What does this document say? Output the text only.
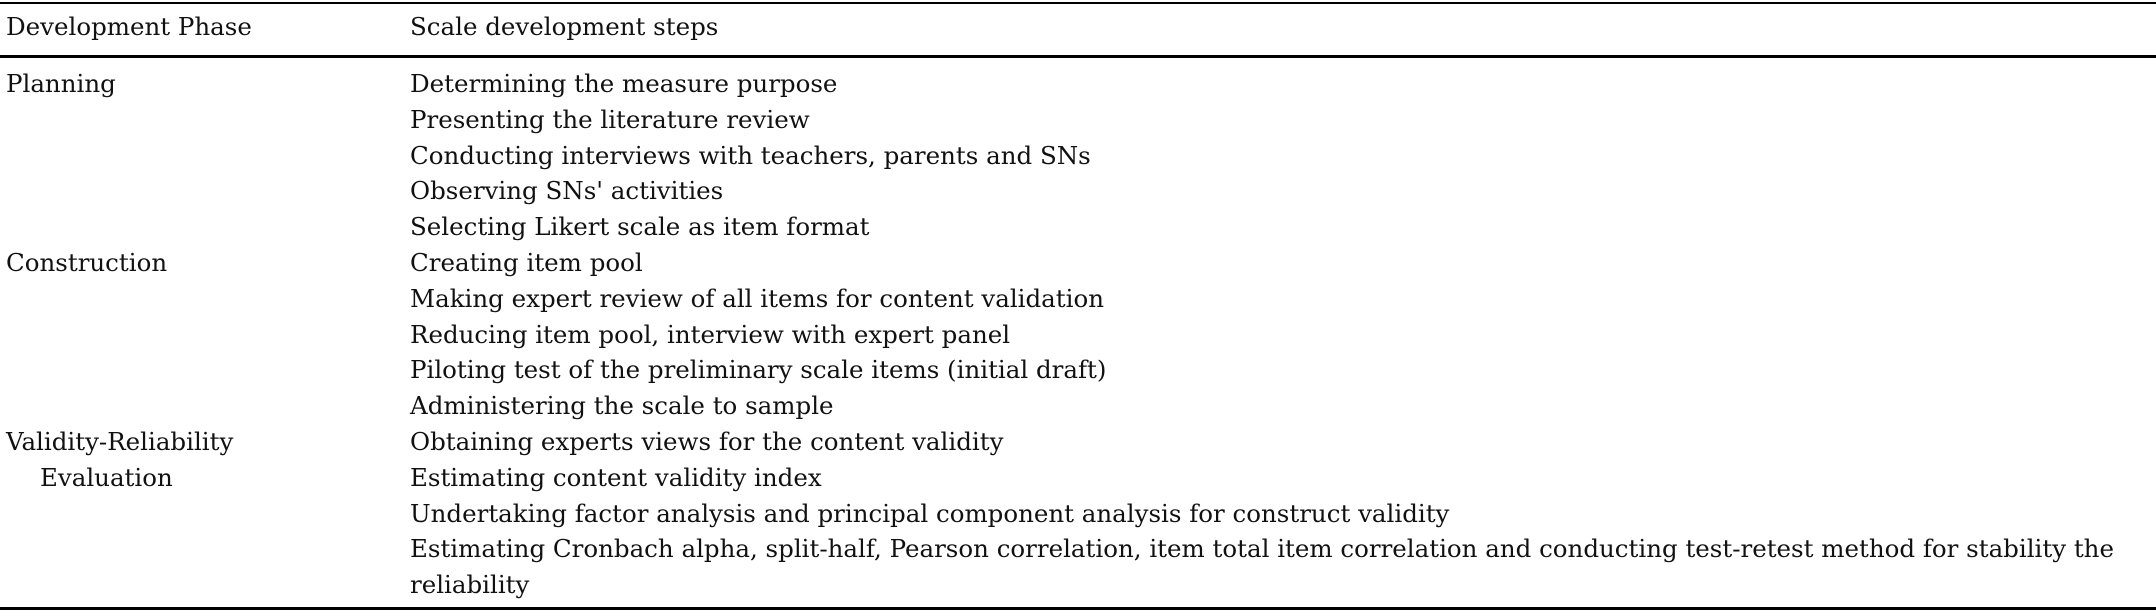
Development Phase	Scale development steps
Planning
Construction
Validity-Reliability
Evaluation
Determining the measure purpose
Presenting the literature review
Conducting interviews with teachers, parents and SNs
Observing SNs' activities
Selecting Likert scale as item format
Creating item pool
Making expert review of all items for content validation
Reducing item pool, interview with expert panel
Piloting test of the preliminary scale items (initial draft)
Administering the scale to sample
Obtaining experts views for the content validity
Estimating content validity index
Undertaking factor analysis and principal component analysis for construct validity
Estimating Cronbach alpha, split-half, Pearson correlation, item total item correlation and conducting test-retest method for stability the reliability
